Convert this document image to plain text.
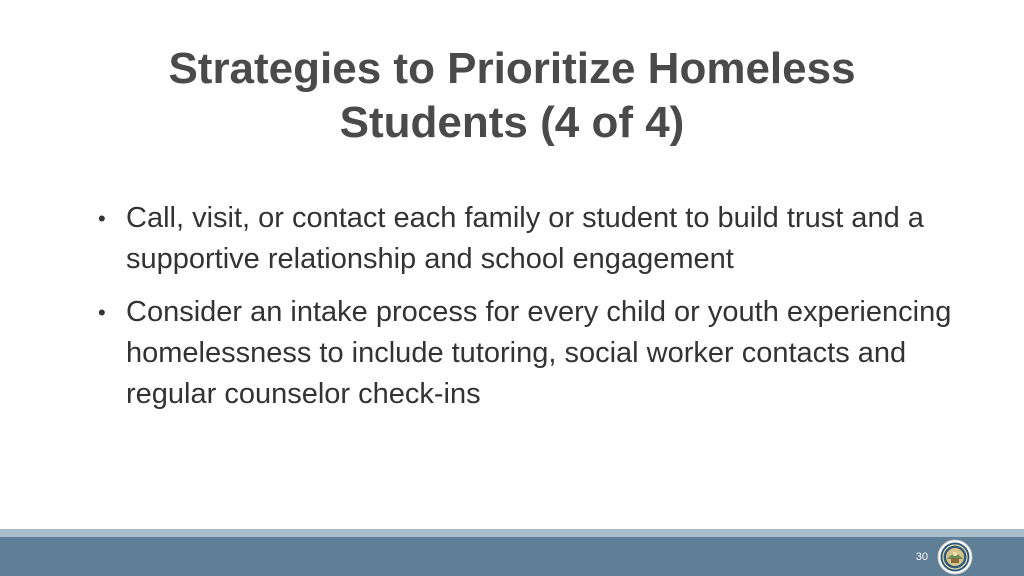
Strategies to Prioritize Homeless
Students (4 of 4)
• Call, visit, or contact each family or student to build trust and a supportive relationship and school engagement
• Consider an intake process for every child or youth experiencing homelessness to include tutoring, social worker contacts and regular counselor check-ins
30
